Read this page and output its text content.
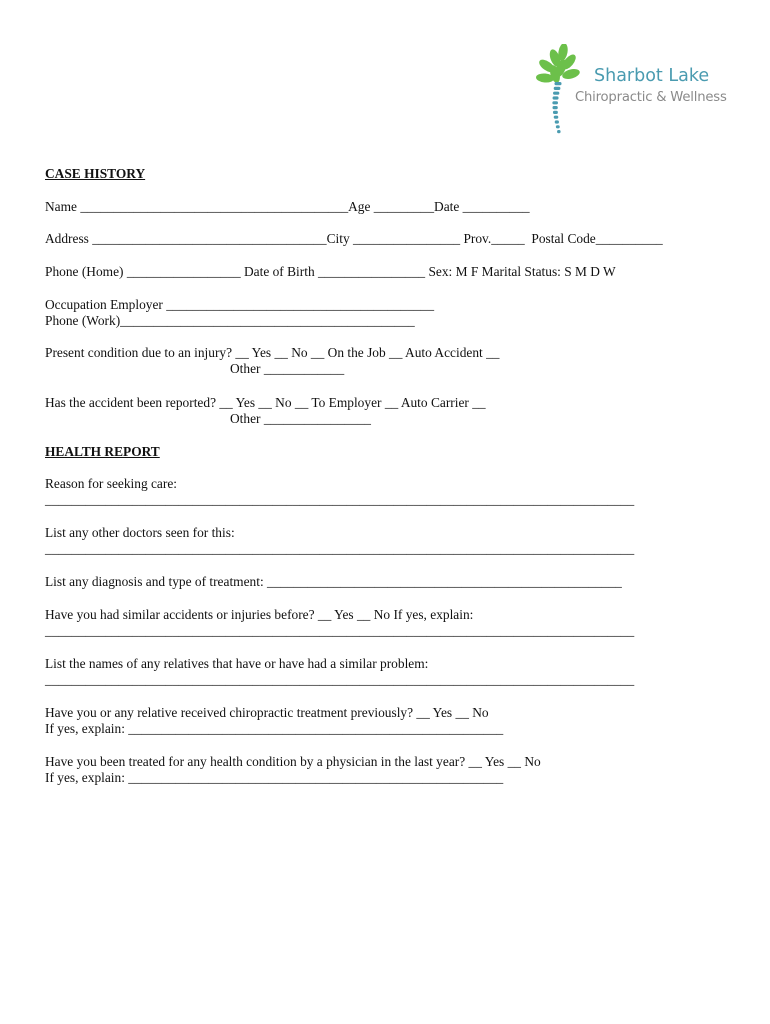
Sharbot Lake
Chiropractic & Wellness
CASE HISTORY
Name ________________________________________Age _________Date __________
Address ___________________________________City ________________ Prov._____  Postal Code__________
Phone (Home) _________________ Date of Birth ________________ Sex: M F Marital Status: S M D W
Occupation Employer ________________________________________
Phone (Work)____________________________________________
Present condition due to an injury? __ Yes __ No __ On the Job __ Auto Accident __
Other ____________
Has the accident been reported? __ Yes __ No __ To Employer __ Auto Carrier __
Other ________________
HEALTH REPORT
Reason for seeking care:
________________________________________________________________________________________
List any other doctors seen for this:
________________________________________________________________________________________
List any diagnosis and type of treatment: _____________________________________________________
Have you had similar accidents or injuries before? __ Yes __ No If yes, explain:
________________________________________________________________________________________
List the names of any relatives that have or have had a similar problem:
________________________________________________________________________________________
Have you or any relative received chiropractic treatment previously? __ Yes __ No
If yes, explain: ________________________________________________________
Have you been treated for any health condition by a physician in the last year? __ Yes __ No
If yes, explain: ________________________________________________________
